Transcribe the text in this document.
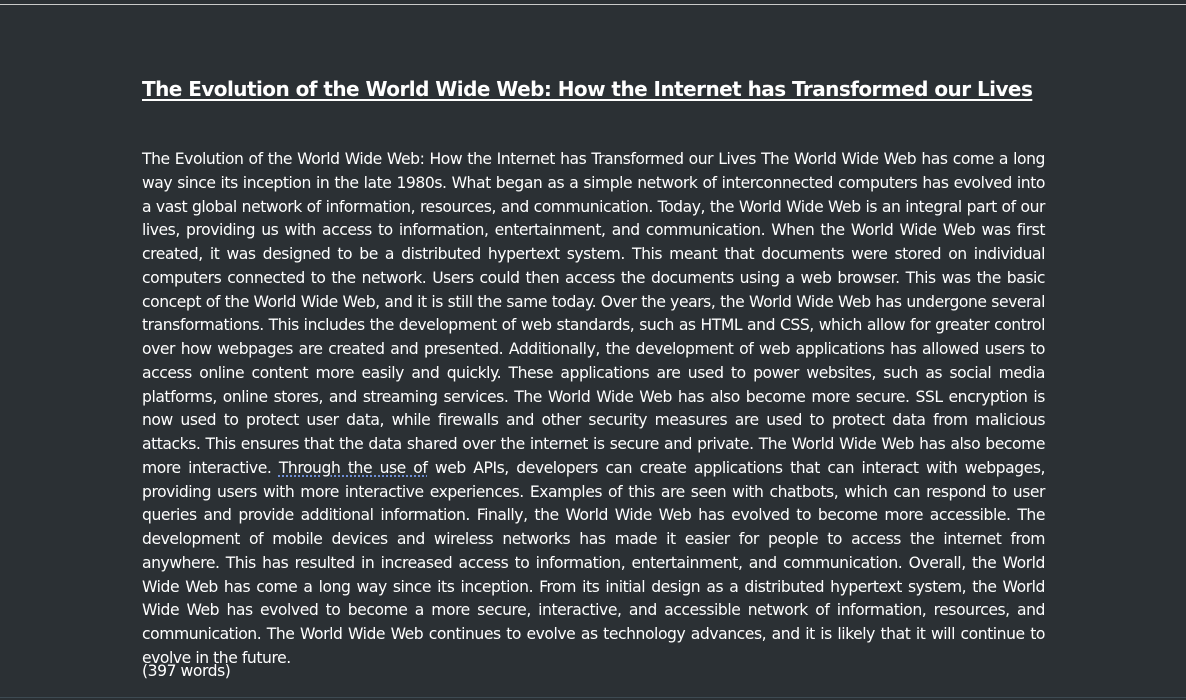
The Evolution of the World Wide Web: How the Internet has Transformed our Lives

The Evolution of the World Wide Web: How the Internet has Transformed our Lives The World Wide Web has come a long way since its inception in the late 1980s. What began as a simple network of interconnected computers has evolved into a vast global network of information, resources, and communication. Today, the World Wide Web is an integral part of our lives, providing us with access to information, entertainment, and communication. When the World Wide Web was first created, it was designed to be a distributed hypertext system. This meant that documents were stored on individual computers connected to the network. Users could then access the documents using a web browser. This was the basic concept of the World Wide Web, and it is still the same today. Over the years, the World Wide Web has undergone several transformations. This includes the development of web standards, such as HTML and CSS, which allow for greater control over how webpages are created and presented. Additionally, the development of web applications has allowed users to access online content more easily and quickly. These applications are used to power websites, such as social media platforms, online stores, and streaming services. The World Wide Web has also become more secure. SSL encryption is now used to protect user data, while firewalls and other security measures are used to protect data from malicious attacks. This ensures that the data shared over the internet is secure and private. The World Wide Web has also become more interactive. Through the use of web APIs, developers can create applications that can interact with webpages, providing users with more interactive experiences. Examples of this are seen with chatbots, which can respond to user queries and provide additional information. Finally, the World Wide Web has evolved to become more accessible. The development of mobile devices and wireless networks has made it easier for people to access the internet from anywhere. This has resulted in increased access to information, entertainment, and communication. Overall, the World Wide Web has come a long way since its inception. From its initial design as a distributed hypertext system, the World Wide Web has evolved to become a more secure, interactive, and accessible network of information, resources, and communication. The World Wide Web continues to evolve as technology advances, and it is likely that it will continue to evolve in the future.

(397 words)
